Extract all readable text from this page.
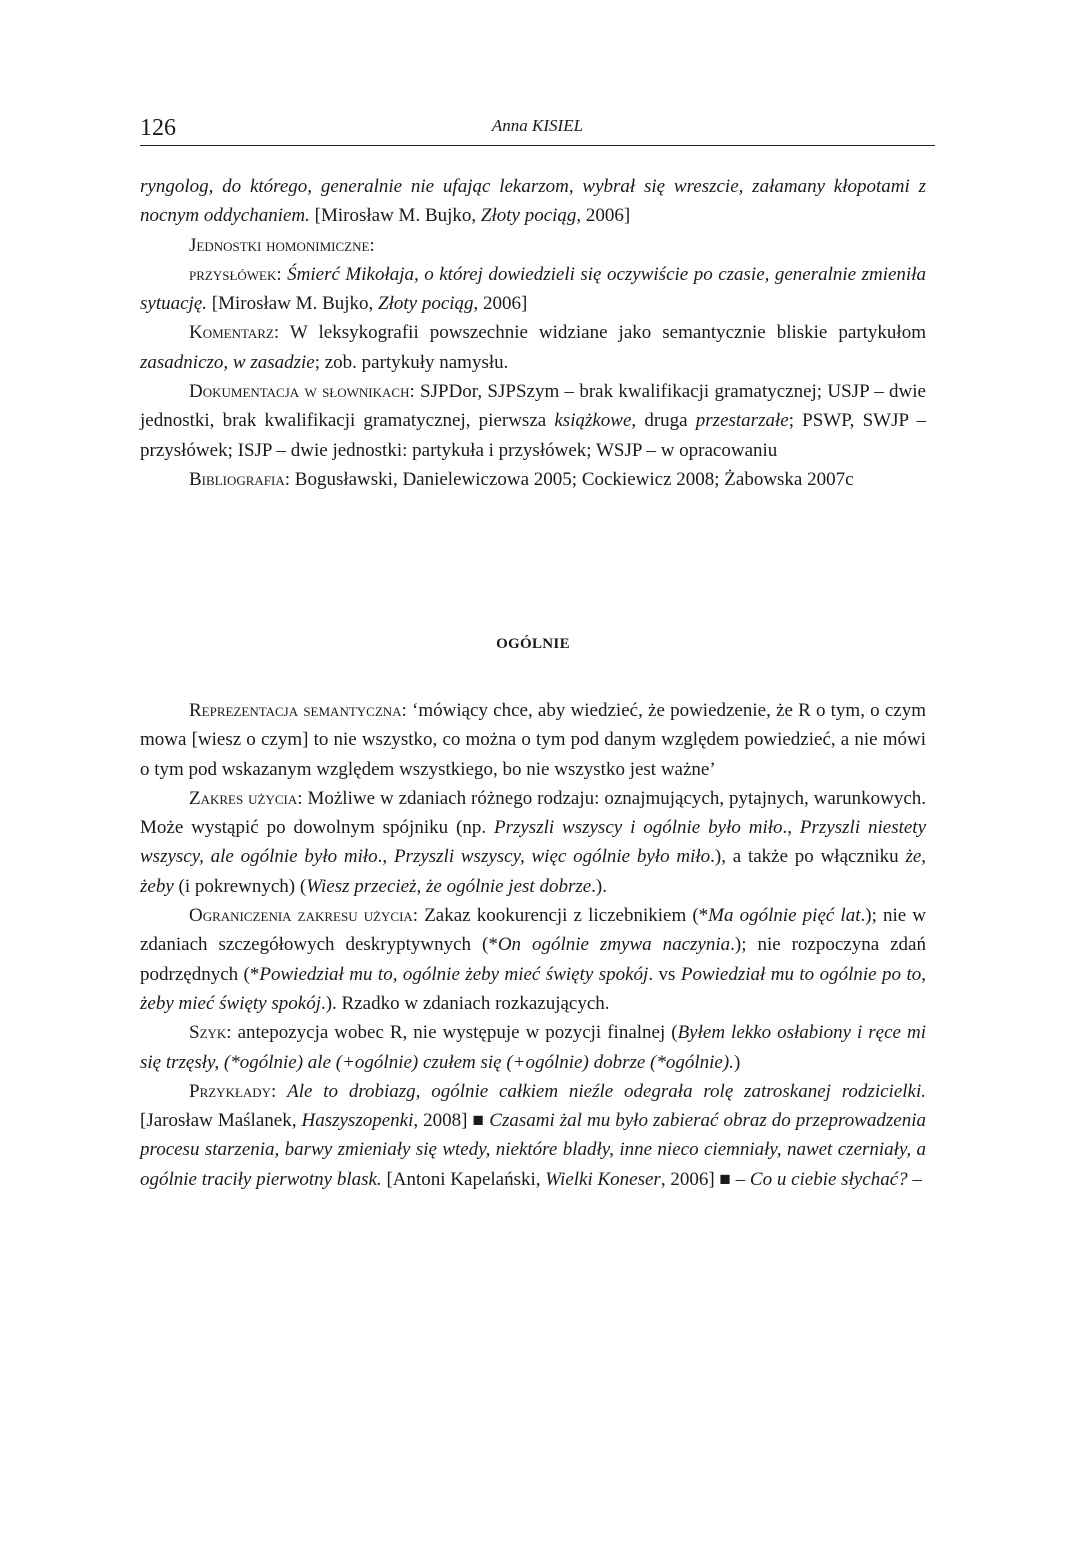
126	Anna KISIEL

ryngolog, do którego, generalnie nie ufając lekarzom, wybrał się wreszcie, załamany kłopotami z nocnym oddychaniem. [Mirosław M. Bujko, Złoty pociąg, 2006]

Jednostki homonimiczne:

przysłówek: Śmierć Mikołaja, o której dowiedzieli się oczywiście po czasie, generalnie zmieniła sytuację. [Mirosław M. Bujko, Złoty pociąg, 2006]

Komentarz: W leksykografii powszechnie widziane jako semantycznie bliskie partykułom zasadniczo, w zasadzie; zob. partykuły namysłu.

Dokumentacja w słownikach: SJPDor, SJPSzym – brak kwalifikacji gramatycznej; USJP – dwie jednostki, brak kwalifikacji gramatycznej, pierwsza książkowe, druga przestarzałe; PSWP, SWJP – przysłówek; ISJP – dwie jednostki: partykuła i przysłówek; WSJP – w opracowaniu

Bibliografia: Bogusławski, Danielewiczowa 2005; Cockiewicz 2008; Żabowska 2007c

OGÓLNIE

Reprezentacja semantyczna: ‘mówiący chce, aby wiedzieć, że powiedzenie, że R o tym, o czym mowa [wiesz o czym] to nie wszystko, co można o tym pod danym względem powiedzieć, a nie mówi o tym pod wskazanym względem wszystkiego, bo nie wszystko jest ważne’

Zakres użycia: Możliwe w zdaniach różnego rodzaju: oznajmujących, pytajnych, warunkowych. Może wystąpić po dowolnym spójniku (np. Przyszli wszyscy i ogólnie było miło., Przyszli niestety wszyscy, ale ogólnie było miło., Przyszli wszyscy, więc ogólnie było miło.), a także po włączniku że, żeby (i pokrewnych) (Wiesz przecież, że ogólnie jest dobrze.).

Ograniczenia zakresu użycia: Zakaz kookurencji z liczebnikiem (*Ma ogólnie pięć lat.); nie w zdaniach szczegółowych deskryptywnych (*On ogólnie zmywa naczynia.); nie rozpoczyna zdań podrzędnych (*Powiedział mu to, ogólnie żeby mieć święty spokój. vs Powiedział mu to ogólnie po to, żeby mieć święty spokój.). Rzadko w zdaniach rozkazujących.

Szyk: antepozycja wobec R, nie występuje w pozycji finalnej (Byłem lekko osłabiony i ręce mi się trzęsły, (*ogólnie) ale (+ogólnie) czułem się (+ogólnie) dobrze (*ogólnie).)

Przykłady: Ale to drobiazg, ogólnie całkiem nieźle odegrała rolę zatroskanej rodzicielki. [Jarosław Maślanek, Haszyszopenki, 2008] ■ Czasami żal mu było zabierać obraz do przeprowadzenia procesu starzenia, barwy zmieniały się wtedy, niektóre bladły, inne nieco ciemniały, nawet czerniały, a ogólnie traciły pierwotny blask. [Antoni Kapelański, Wielki Koneser, 2006] ■ – Co u ciebie słychać? –
